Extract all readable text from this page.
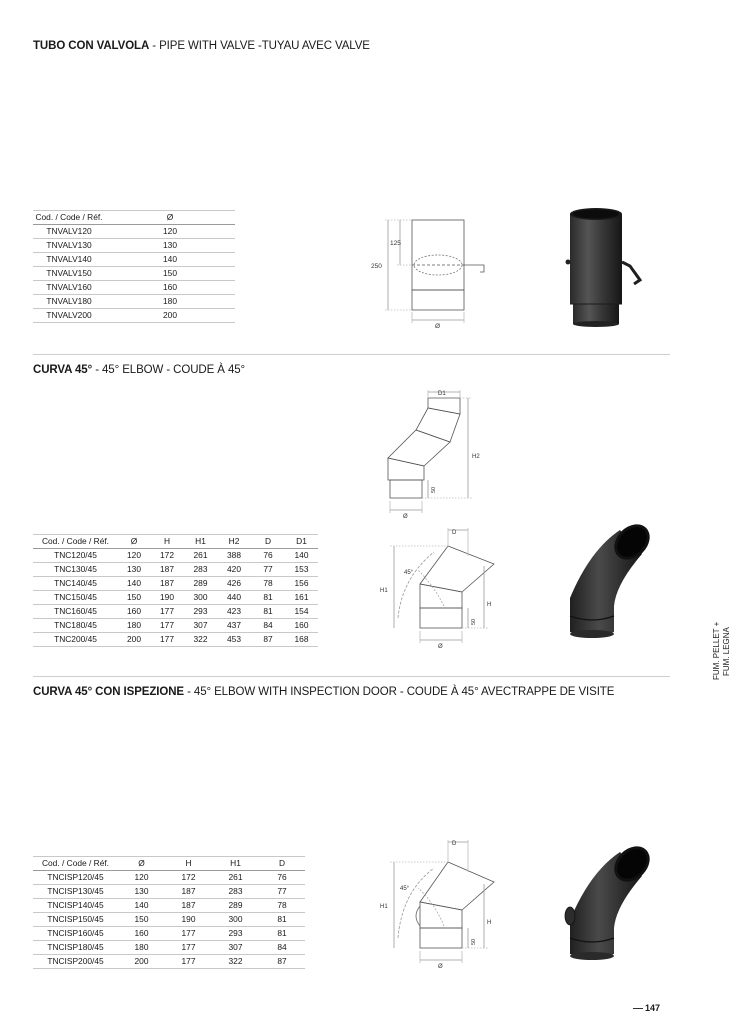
TUBO CON VALVOLA - PIPE WITH VALVE -TUYAU AVEC VALVE
Cod. / Code / Réf.	Ø
TNVALV120	120
TNVALV130	130
TNVALV140	140
TNVALV150	150
TNVALV160	160
TNVALV180	180
TNVALV200	200
125
250
Ø
CURVA 45° - 45° ELBOW - COUDE À 45°
D1
H2
50
Ø
Cod. / Code / Réf.	Ø	H	H1	H2	D	D1
TNC120/45	120	172	261	388	76	140
TNC130/45	130	187	283	420	77	153
TNC140/45	140	187	289	426	78	156
TNC150/45	150	190	300	440	81	161
TNC160/45	160	177	293	423	81	154
TNC180/45	180	177	307	437	84	160
TNC200/45	200	177	322	453	87	168
D
45°
H1
H
50
Ø
CURVA 45° CON ISPEZIONE - 45° ELBOW WITH INSPECTION DOOR - COUDE À 45° AVECTRAPPE DE VISITE
Cod. / Code / Réf.	Ø	H	H1	D
TNCISP120/45	120	172	261	76
TNCISP130/45	130	187	283	77
TNCISP140/45	140	187	289	78
TNCISP150/45	150	190	300	81
TNCISP160/45	160	177	293	81
TNCISP180/45	180	177	307	84
TNCISP200/45	200	177	322	87
D
45°
H1
H
50
Ø
FUM. PELLET + FUM. LEGNA
147
